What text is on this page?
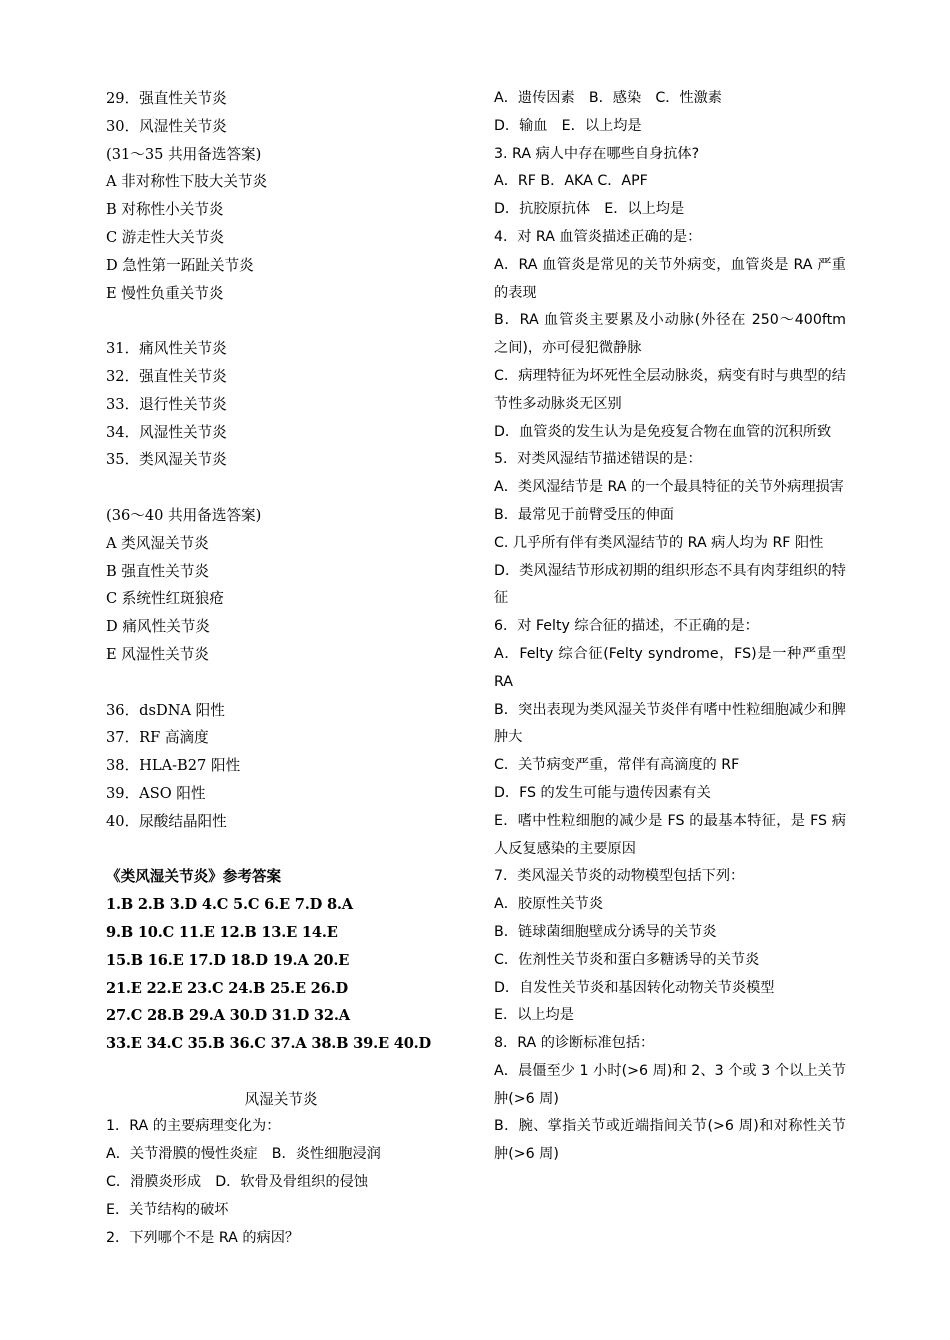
29．强直性关节炎
30．风湿性关节炎
(31～35 共用备选答案)
A 非对称性下肢大关节炎
B 对称性小关节炎
C 游走性大关节炎
D 急性第一跖趾关节炎
E 慢性负重关节炎
31．痛风性关节炎
32．强直性关节炎
33．退行性关节炎
34．风湿性关节炎
35．类风湿关节炎
(36～40 共用备选答案)
A 类风湿关节炎
B 强直性关节炎
C 系统性红斑狼疮
D 痛风性关节炎
E 风湿性关节炎
36．dsDNA 阳性
37．RF 高滴度
38．HLA-B27 阳性
39．ASO 阳性
40．尿酸结晶阳性
《类风湿关节炎》参考答案
1.B 2.B 3.D 4.C 5.C 6.E 7.D 8.A
9.B 10.C 11.E 12.B 13.E 14.E
15.B 16.E 17.D 18.D 19.A 20.E
21.E 22.E 23.C 24.B 25.E 26.D
27.C 28.B 29.A 30.D 31.D 32.A
33.E 34.C 35.B 36.C 37.A 38.B 39.E 40.D
风湿关节炎
1．RA 的主要病理变化为：
A．关节滑膜的慢性炎症　B．炎性细胞浸润
C．滑膜炎形成　D．软骨及骨组织的侵蚀
E．关节结构的破坏
2．下列哪个不是 RA 的病因？
A．遗传因素　B．感染　C．性激素
D．输血　E．以上均是
3. RA 病人中存在哪些自身抗体?
A．RF B．AKA C．APF
D．抗胶原抗体　E．以上均是
4．对 RA 血管炎描述正确的是：
A．RA 血管炎是常见的关节外病变，血管炎是 RA 严重的表现
B．RA 血管炎主要累及小动脉(外径在 250～400ftm 之间)，亦可侵犯微静脉
C．病理特征为坏死性全层动脉炎，病变有时与典型的结节性多动脉炎无区别
D．血管炎的发生认为是免疫复合物在血管的沉积所致
5．对类风湿结节描述错误的是：
A．类风湿结节是 RA 的一个最具特征的关节外病理损害
B．最常见于前臂受压的伸面
C. 几乎所有伴有类风湿结节的 RA 病人均为 RF 阳性
D．类风湿结节形成初期的组织形态不具有肉芽组织的特征
6．对 Felty 综合征的描述，不正确的是：
A．Felty 综合征(Felty syndrome，FS)是一种严重型 RA
B．突出表现为类风湿关节炎伴有嗜中性粒细胞减少和脾肿大
C．关节病变严重，常伴有高滴度的 RF
D．FS 的发生可能与遗传因素有关
E．嗜中性粒细胞的减少是 FS 的最基本特征，是 FS 病人反复感染的主要原因
7．类风湿关节炎的动物模型包括下列：
A．胶原性关节炎
B．链球菌细胞壁成分诱导的关节炎
C．佐剂性关节炎和蛋白多糖诱导的关节炎
D．自发性关节炎和基因转化动物关节炎模型
E．以上均是
8．RA 的诊断标准包括：
A．晨僵至少 1 小时(>6 周)和 2、3 个或 3 个以上关节肿(>6 周)
B．腕、掌指关节或近端指间关节(>6 周)和对称性关节肿(>6 周)
